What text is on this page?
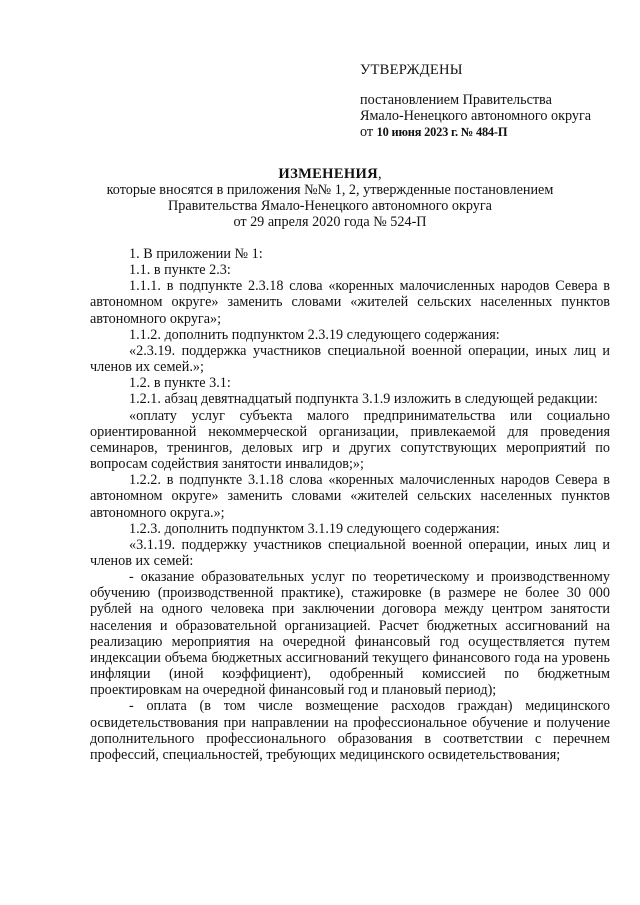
УТВЕРЖДЕНЫ
постановлением Правительства
Ямало-Ненецкого автономного округа
от 10 июня 2023 г. № 484-П
ИЗМЕНЕНИЯ,
которые вносятся в приложения №№ 1, 2, утвержденные постановлением
Правительства Ямало-Ненецкого автономного округа
от 29 апреля 2020 года № 524-П

1. В приложении № 1:

1.1. в пункте 2.3:

1.1.1. в подпункте 2.3.18 слова «коренных малочисленных народов Севера в автономном округе» заменить словами «жителей сельских населенных пунктов автономного округа»;

1.1.2. дополнить подпунктом 2.3.19 следующего содержания:

«2.3.19. поддержка участников специальной военной операции, иных лиц и членов их семей.»;

1.2. в пункте 3.1:

1.2.1. абзац девятнадцатый подпункта 3.1.9 изложить в следующей редакции:

«оплату услуг субъекта малого предпринимательства или социально ориентированной некоммерческой организации, привлекаемой для проведения семинаров, тренингов, деловых игр и других сопутствующих мероприятий по вопросам содействия занятости инвалидов;»;

1.2.2. в подпункте 3.1.18 слова «коренных малочисленных народов Севера в автономном округе» заменить словами «жителей сельских населенных пунктов автономного округа.»;

1.2.3. дополнить подпунктом 3.1.19 следующего содержания:

«3.1.19. поддержку участников специальной военной операции, иных лиц и членов их семей:

- оказание образовательных услуг по теоретическому и производственному обучению (производственной практике), стажировке (в размере не более 30 000 рублей на одного человека при заключении договора между центром занятости населения и образовательной организацией. Расчет бюджетных ассигнований на реализацию мероприятия на очередной финансовый год осуществляется путем индексации объема бюджетных ассигнований текущего финансового года на уровень инфляции (иной коэффициент), одобренный комиссией по бюджетным проектировкам на очередной финансовый год и плановый период);

- оплата (в том числе возмещение расходов граждан) медицинского освидетельствования при направлении на профессиональное обучение и получение дополнительного профессионального образования в соответствии с перечнем профессий, специальностей, требующих медицинского освидетельствования;
